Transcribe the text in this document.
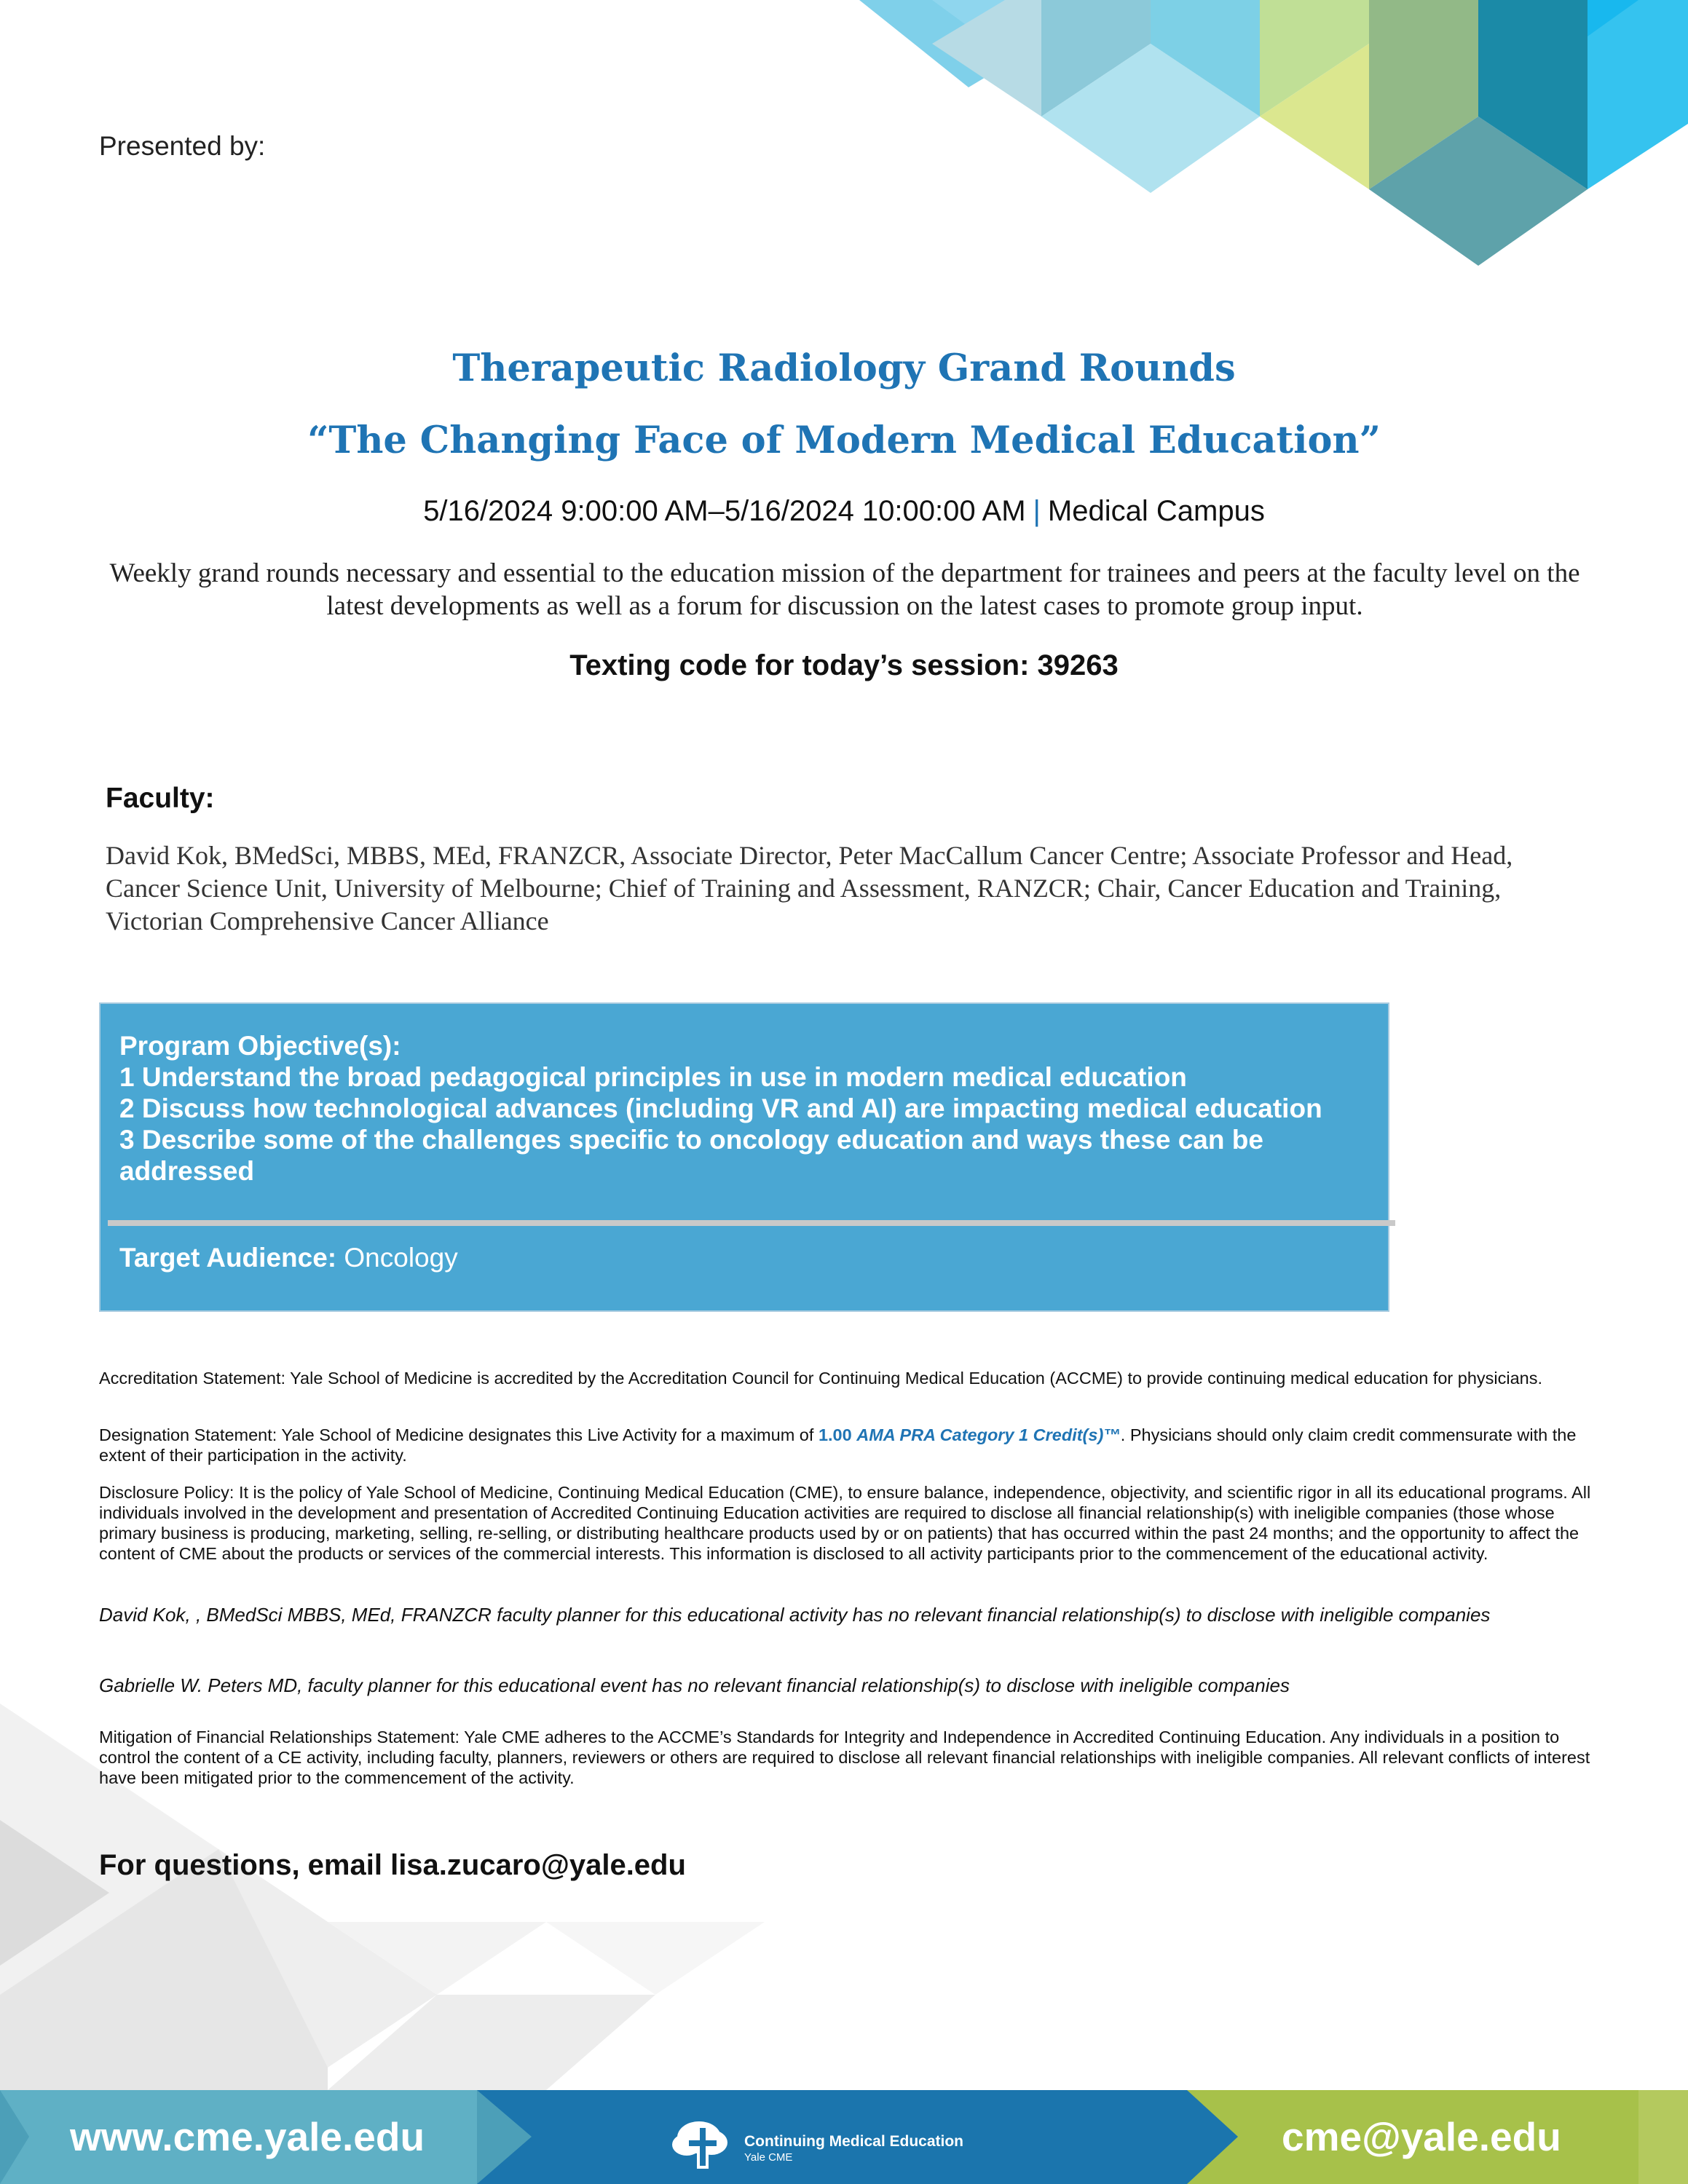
Presented by:
Therapeutic Radiology Grand Rounds
“The Changing Face of Modern Medical Education”
5/16/2024 9:00:00 AM–5/16/2024 10:00:00 AM | Medical Campus
Weekly grand rounds necessary and essential to the education mission of the department for trainees and peers at the faculty level on the latest developments as well as a forum for discussion on the latest cases to promote group input.
Texting code for today’s session: 39263
Faculty:
David Kok, BMedSci, MBBS, MEd, FRANZCR, Associate Director, Peter MacCallum Cancer Centre; Associate Professor and Head, Cancer Science Unit, University of Melbourne; Chief of Training and Assessment, RANZCR; Chair, Cancer Education and Training, Victorian Comprehensive Cancer Alliance
Program Objective(s):
1 Understand the broad pedagogical principles in use in modern medical education
2 Discuss how technological advances (including VR and AI) are impacting medical education
3 Describe some of the challenges specific to oncology education and ways these can be addressed
Target Audience: Oncology
Accreditation Statement: Yale School of Medicine is accredited by the Accreditation Council for Continuing Medical Education (ACCME) to provide continuing medical education for physicians.
Designation Statement: Yale School of Medicine designates this Live Activity for a maximum of 1.00 AMA PRA Category 1 Credit(s)™. Physicians should only claim credit commensurate with the extent of their participation in the activity.
Disclosure Policy: It is the policy of Yale School of Medicine, Continuing Medical Education (CME), to ensure balance, independence, objectivity, and scientific rigor in all its educational programs. All individuals involved in the development and presentation of Accredited Continuing Education activities are required to disclose all financial relationship(s) with ineligible companies (those whose primary business is producing, marketing, selling, re-selling, or distributing healthcare products used by or on patients) that has occurred within the past 24 months; and the opportunity to affect the content of CME about the products or services of the commercial interests. This information is disclosed to all activity participants prior to the commencement of the educational activity.
David Kok, , BMedSci MBBS, MEd, FRANZCR faculty planner for this educational activity has no relevant financial relationship(s) to disclose with ineligible companies
Gabrielle W. Peters MD, faculty planner for this educational event has no relevant financial relationship(s) to disclose with ineligible companies
Mitigation of Financial Relationships Statement: Yale CME adheres to the ACCME’s Standards for Integrity and Independence in Accredited Continuing Education. Any individuals in a position to control the content of a CE activity, including faculty, planners, reviewers or others are required to disclose all relevant financial relationships with ineligible companies. All relevant conflicts of interest have been mitigated prior to the commencement of the activity.
For questions, email lisa.zucaro@yale.edu
www.cme.yale.edu	Continuing Medical Education
Yale CME	cme@yale.edu
